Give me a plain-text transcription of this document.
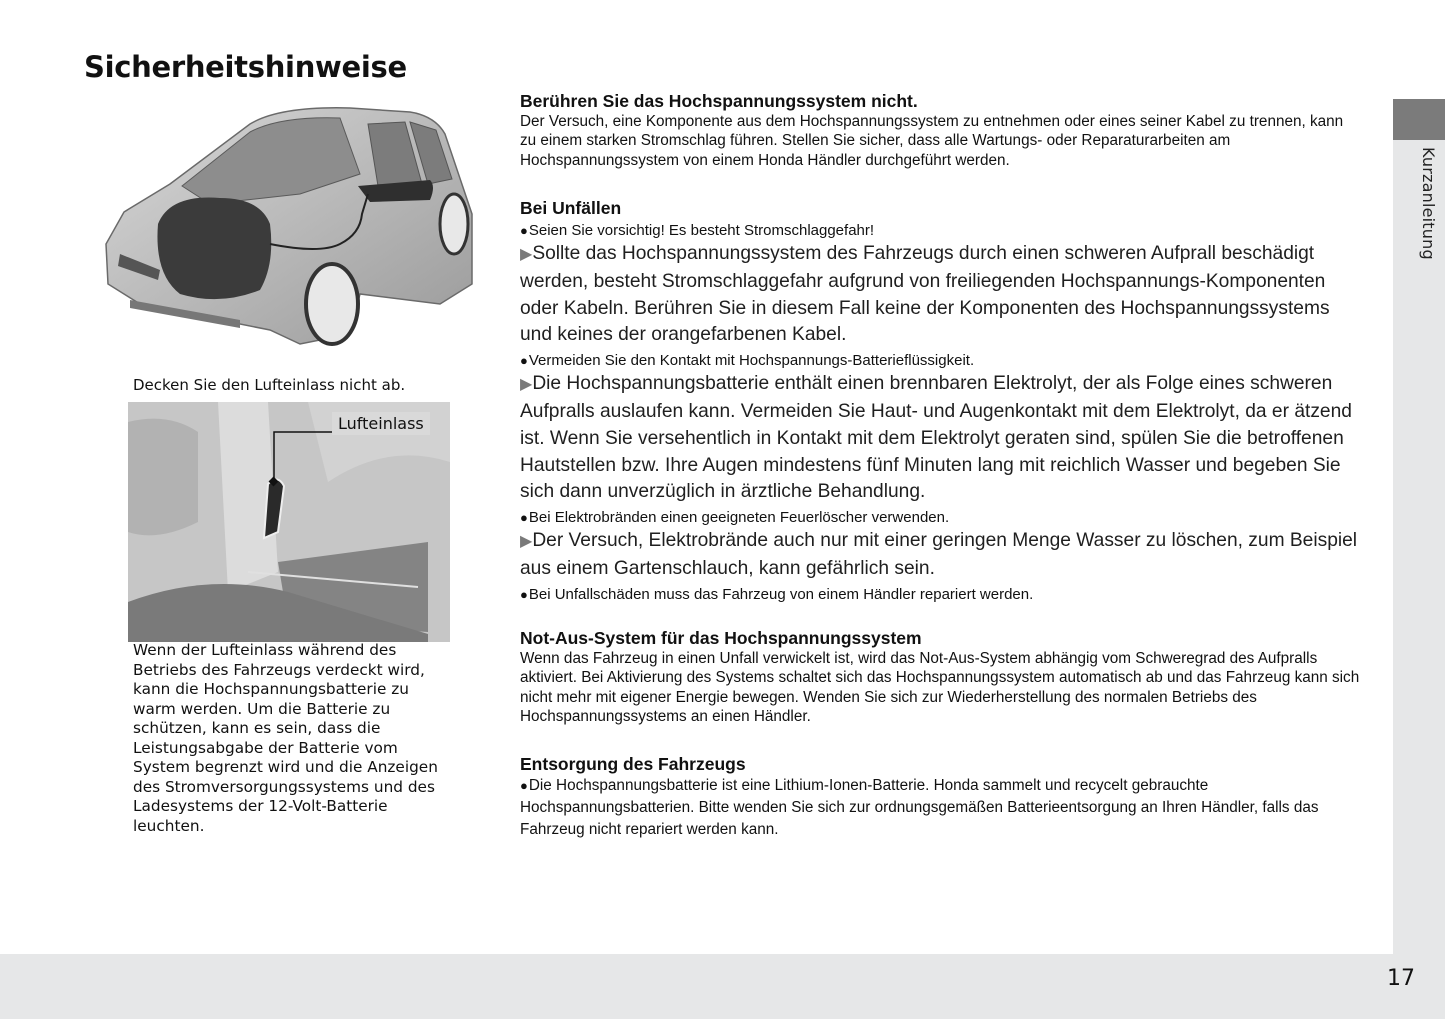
Sicherheitshinweise
Kurzanleitung
17
Decken Sie den Lufteinlass nicht ab.
Lufteinlass
Wenn der Lufteinlass während des Betriebs des Fahrzeugs verdeckt wird, kann die Hochspannungsbatterie zu warm werden. Um die Batterie zu schützen, kann es sein, dass die Leistungsabgabe der Batterie vom System begrenzt wird und die Anzeigen des Stromversorgungssystems und des Ladesystems der 12-Volt-Batterie leuchten.

Berühren Sie das Hochspannungssystem nicht.

Der Versuch, eine Komponente aus dem Hochspannungssystem zu entnehmen oder eines seiner Kabel zu trennen, kann zu einem starken Stromschlag führen. Stellen Sie sicher, dass alle Wartungs- oder Reparaturarbeiten am Hochspannungssystem von einem Honda Händler durchgeführt werden.

Bei Unfällen

●Seien Sie vorsichtig! Es besteht Stromschlaggefahr!

▶Sollte das Hochspannungssystem des Fahrzeugs durch einen schweren Aufprall beschädigt werden, besteht Stromschlaggefahr aufgrund von freiliegenden Hochspannungs-Komponenten oder Kabeln. Berühren Sie in diesem Fall keine der Komponenten des Hochspannungssystems und keines der orangefarbenen Kabel.

●Vermeiden Sie den Kontakt mit Hochspannungs-Batterieflüssigkeit.

▶Die Hochspannungsbatterie enthält einen brennbaren Elektrolyt, der als Folge eines schweren Aufpralls auslaufen kann. Vermeiden Sie Haut- und Augenkontakt mit dem Elektrolyt, da er ätzend ist. Wenn Sie versehentlich in Kontakt mit dem Elektrolyt geraten sind, spülen Sie die betroffenen Hautstellen bzw. Ihre Augen mindestens fünf Minuten lang mit reichlich Wasser und begeben Sie sich dann unverzüglich in ärztliche Behandlung.

●Bei Elektrobränden einen geeigneten Feuerlöscher verwenden.

▶Der Versuch, Elektrobrände auch nur mit einer geringen Menge Wasser zu löschen, zum Beispiel aus einem Gartenschlauch, kann gefährlich sein.

●Bei Unfallschäden muss das Fahrzeug von einem Händler repariert werden.

Not-Aus-System für das Hochspannungssystem

Wenn das Fahrzeug in einen Unfall verwickelt ist, wird das Not-Aus-System abhängig vom Schweregrad des Aufpralls aktiviert. Bei Aktivierung des Systems schaltet sich das Hochspannungssystem automatisch ab und das Fahrzeug kann sich nicht mehr mit eigener Energie bewegen. Wenden Sie sich zur Wiederherstellung des normalen Betriebs des Hochspannungssystems an einen Händler.

Entsorgung des Fahrzeugs

●Die Hochspannungsbatterie ist eine Lithium-Ionen-Batterie. Honda sammelt und recycelt gebrauchte Hochspannungsbatterien. Bitte wenden Sie sich zur ordnungsgemäßen Batterieentsorgung an Ihren Händler, falls das Fahrzeug nicht repariert werden kann.
